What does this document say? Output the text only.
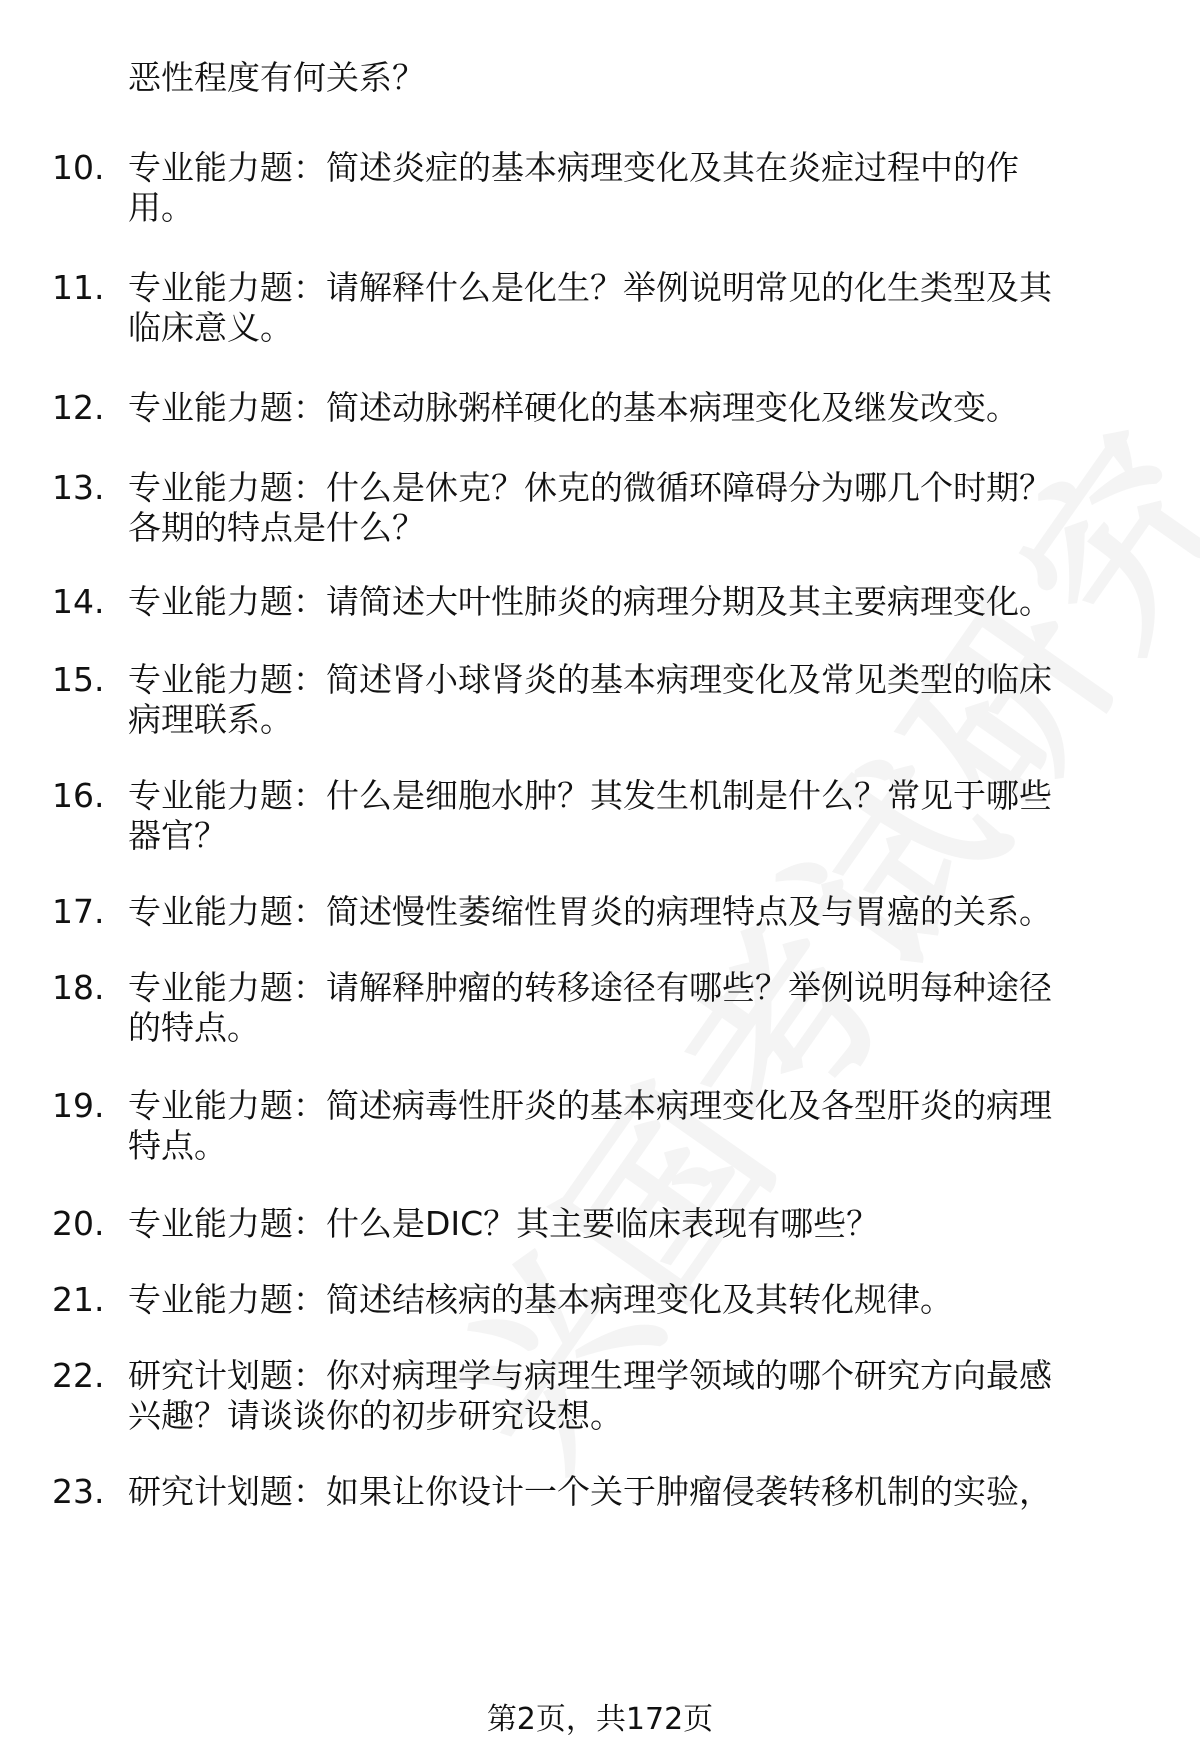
恶性程度有何关系？
10. 专业能力题：简述炎症的基本病理变化及其在炎症过程中的作
用。
11. 专业能力题：请解释什么是化生？举例说明常见的化生类型及其
临床意义。
12. 专业能力题：简述动脉粥样硬化的基本病理变化及继发改变。
13. 专业能力题：什么是休克？休克的微循环障碍分为哪几个时期？
各期的特点是什么？
14. 专业能力题：请简述大叶性肺炎的病理分期及其主要病理变化。
15. 专业能力题：简述肾小球肾炎的基本病理变化及常见类型的临床
病理联系。
16. 专业能力题：什么是细胞水肿？其发生机制是什么？常见于哪些
器官？
17. 专业能力题：简述慢性萎缩性胃炎的病理特点及与胃癌的关系。
18. 专业能力题：请解释肿瘤的转移途径有哪些？举例说明每种途径
的特点。
19. 专业能力题：简述病毒性肝炎的基本病理变化及各型肝炎的病理
特点。
20. 专业能力题：什么是DIC？其主要临床表现有哪些？
21. 专业能力题：简述结核病的基本病理变化及其转化规律。
22. 研究计划题：你对病理学与病理生理学领域的哪个研究方向最感
兴趣？请谈谈你的初步研究设想。
23. 研究计划题：如果让你设计一个关于肿瘤侵袭转移机制的实验，
第2页，共172页
